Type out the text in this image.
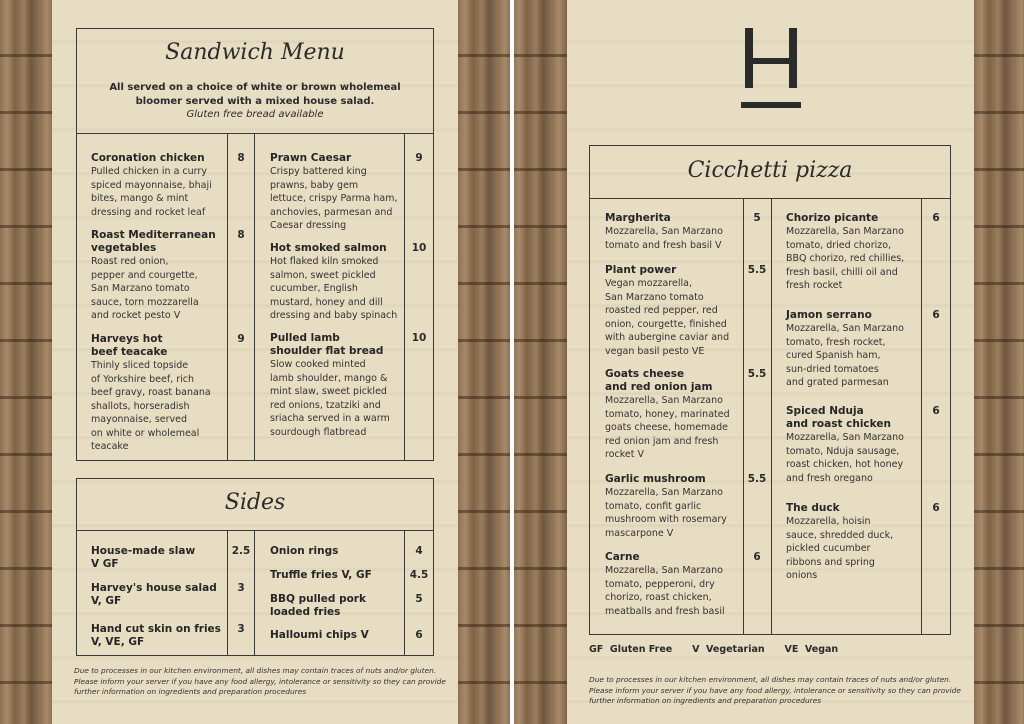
Sandwich Menu
All served on a choice of white or brown wholemeal
bloomer served with a mixed house salad.
Gluten free bread available
Coronation chicken
Pulled chicken in a curry
spiced mayonnaise, bhaji
bites, mango & mint
dressing and rocket leaf
8
Roast Mediterranean
vegetables
Roast red onion,
pepper and courgette,
San Marzano tomato
sauce, torn mozzarella
and rocket pesto V
8
Harveys hot
beef teacake
Thinly sliced topside
of Yorkshire beef, rich
beef gravy, roast banana
shallots, horseradish
mayonnaise, served
on white or wholemeal
teacake
9
Prawn Caesar
Crispy battered king
prawns, baby gem
lettuce, crispy Parma ham,
anchovies, parmesan and
Caesar dressing
9
Hot smoked salmon
Hot flaked kiln smoked
salmon, sweet pickled
cucumber, English
mustard, honey and dill
dressing and baby spinach
10
Pulled lamb
shoulder flat bread
Slow cooked minted
lamb shoulder, mango &
mint slaw, sweet pickled
red onions, tzatziki and
sriacha served in a warm
sourdough flatbread
10
Sides
House-made slaw
V GF
2.5
Harvey's house salad
V, GF
3
Hand cut skin on fries
V, VE, GF
3
Onion rings	4
Truffle fries V, GF	4.5
BBQ pulled pork
loaded fries
5
Halloumi chips V	6
Due to processes in our kitchen environment, all dishes may contain traces of nuts and/or gluten.
Please inform your server if you have any food allergy, intolerance or sensitivity so they can provide
further information on ingredients and preparation procedures
Cicchetti pizza
Margherita
Mozzarella, San Marzano
tomato and fresh basil V
5
Plant power
Vegan mozzarella,
San Marzano tomato
roasted red pepper, red
onion, courgette, finished
with aubergine caviar and
vegan basil pesto VE
5.5
Goats cheese
and red onion jam
Mozzarella, San Marzano
tomato, honey, marinated
goats cheese, homemade
red onion jam and fresh
rocket V
5.5
Garlic mushroom
Mozzarella, San Marzano
tomato, confit garlic
mushroom with rosemary
mascarpone V
5.5
Carne
Mozzarella, San Marzano
tomato, pepperoni, dry
chorizo, roast chicken,
meatballs and fresh basil
6
Chorizo picante
Mozzarella, San Marzano
tomato, dried chorizo,
BBQ chorizo, red chillies,
fresh basil, chilli oil and
fresh rocket
6
Jamon serrano
Mozzarella, San Marzano
tomato, fresh rocket,
cured Spanish ham,
sun-dried tomatoes
and grated parmesan
6
Spiced Nduja
and roast chicken
Mozzarella, San Marzano
tomato, Nduja sausage,
roast chicken, hot honey
and fresh oregano
6
The duck
Mozzarella, hoisin
sauce, shredded duck,
pickled cucumber
ribbons and spring
onions
6
GF  Gluten Free      V  Vegetarian      VE  Vegan
Due to processes in our kitchen environment, all dishes may contain traces of nuts and/or gluten.
Please inform your server if you have any food allergy, intolerance or sensitivity so they can provide
further information on ingredients and preparation procedures
